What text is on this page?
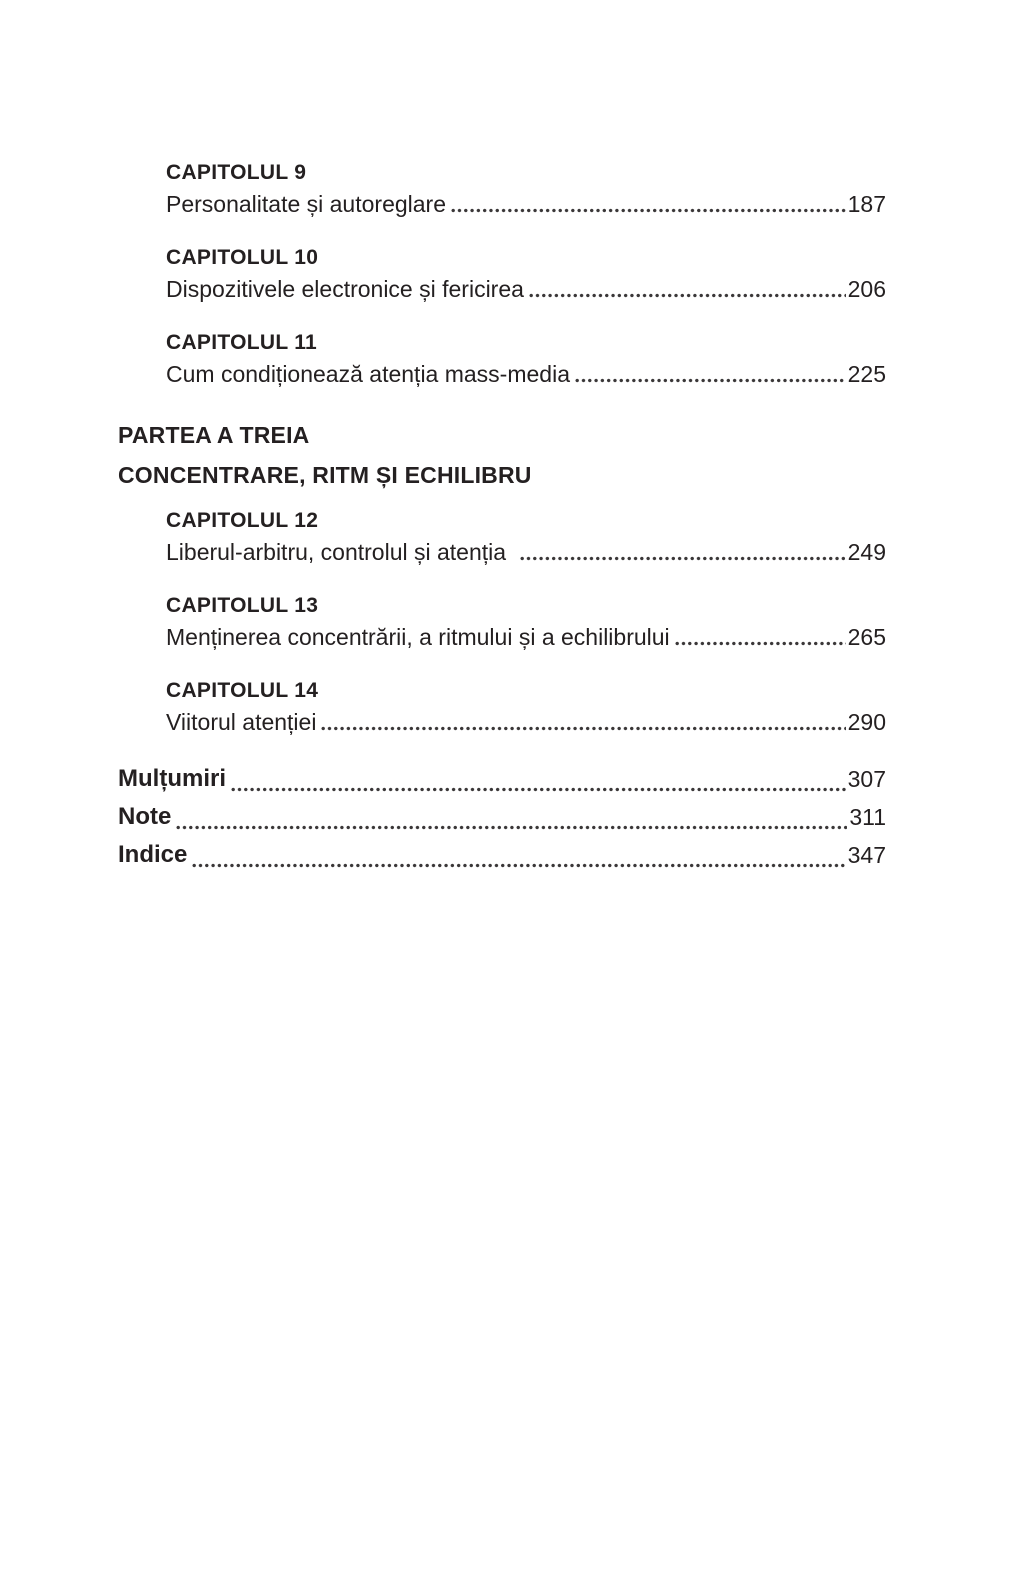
CAPITOLUL 9
Personalitate și autoreglare	187
CAPITOLUL 10
Dispozitivele electronice și fericirea	206
CAPITOLUL 11
Cum condiționează atenția mass-media	225
PARTEA A TREIA
CONCENTRARE, RITM ȘI ECHILIBRU
CAPITOLUL 12
Liberul-arbitru, controlul și atenția	249
CAPITOLUL 13
Menținerea concentrării, a ritmului și a echilibrului	265
CAPITOLUL 14
Viitorul atenției	290
Mulțumiri	307
Note	311
Indice	347
